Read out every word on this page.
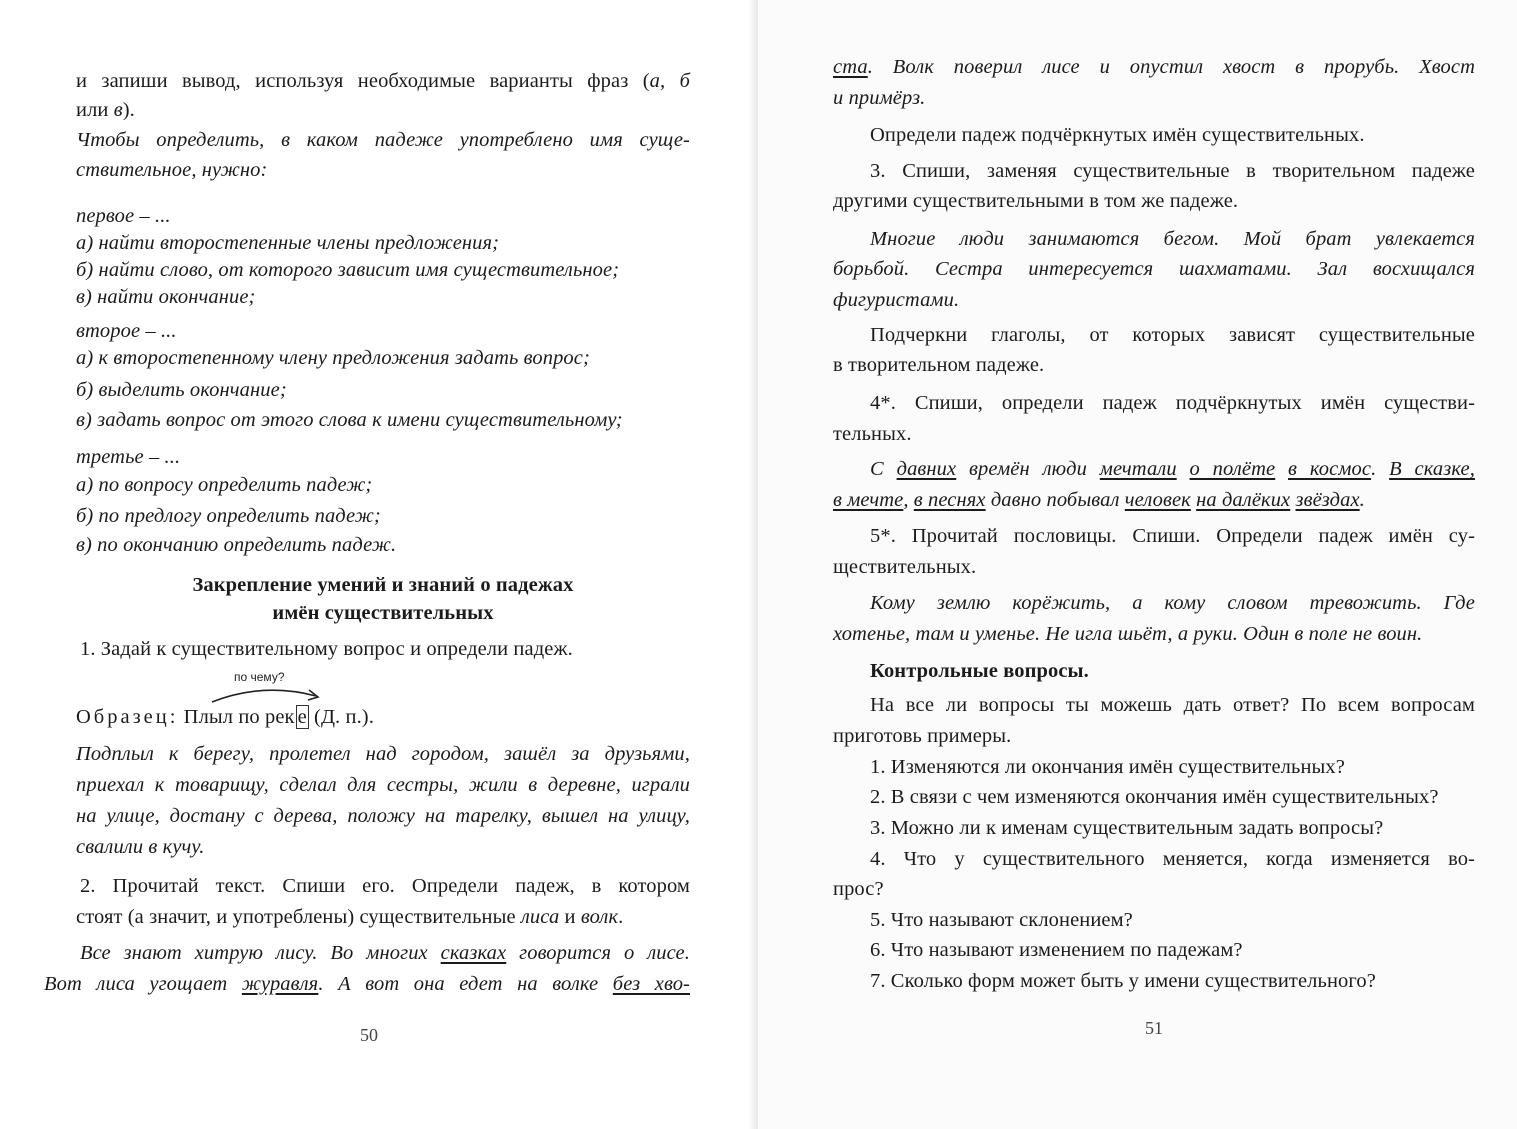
и запиши вывод, используя необходимые варианты фраз (а, б
или в).
Чтобы определить, в каком падеже употреблено имя суще-
ствительное, нужно:
первое – ...
а) найти второстепенные члены предложения;
б) найти слово, от которого зависит имя существительное;
в) найти окончание;
второе – ...
а) к второстепенному члену предложения задать вопрос;
б) выделить окончание;
в) задать вопрос от этого слова к имени существительному;
третье – ...
а) по вопросу определить падеж;
б) по предлогу определить падеж;
в) по окончанию определить падеж.
Закрепление умений и знаний о падежах
имён существительных
1. Задай к существительному вопрос и определи падеж.
по чему?
Образец: Плыл по рек е (Д. п.).
Подплыл к берегу, пролетел над городом, зашёл за друзьями,
приехал к товарищу, сделал для сестры, жили в деревне, играли
на улице, достану с дерева, положу на тарелку, вышел на улицу,
свалили в кучу.
2. Прочитай текст. Спиши его. Определи падеж, в котором
стоят (а значит, и употреблены) существительные лиса и волк.
Все знают хитрую лису. Во многих сказках говорится о лисе.
Вот лиса угощает журавля. А вот она едет на волке без хво-
50
ста. Волк поверил лисе и опустил хвост в прорубь. Хвост
и примёрз.
Определи падеж подчёркнутых имён существительных.
3. Спиши, заменяя существительные в творительном падеже
другими существительными в том же падеже.
Многие люди занимаются бегом. Мой брат увлекается
борьбой. Сестра интересуется шахматами. Зал восхищался
фигуристами.
Подчеркни глаголы, от которых зависят существительные
в творительном падеже.
4*. Спиши, определи падеж подчёркнутых имён существи-
тельных.
С давних времён люди мечтали о полёте в космос. В сказке,
в мечте, в песнях давно побывал человек на далёких звёздах.
5*. Прочитай пословицы. Спиши. Определи падеж имён су-
ществительных.
Кому землю корёжить, а кому словом тревожить. Где
хотенье, там и уменье. Не игла шьёт, а руки. Один в поле не воин.
Контрольные вопросы.
На все ли вопросы ты можешь дать ответ? По всем вопросам
приготовь примеры.
1. Изменяются ли окончания имён существительных?
2. В связи с чем изменяются окончания имён существительных?
3. Можно ли к именам существительным задать вопросы?
4. Что у существительного меняется, когда изменяется во-
прос?
5. Что называют склонением?
6. Что называют изменением по падежам?
7. Сколько форм может быть у имени существительного?
51
